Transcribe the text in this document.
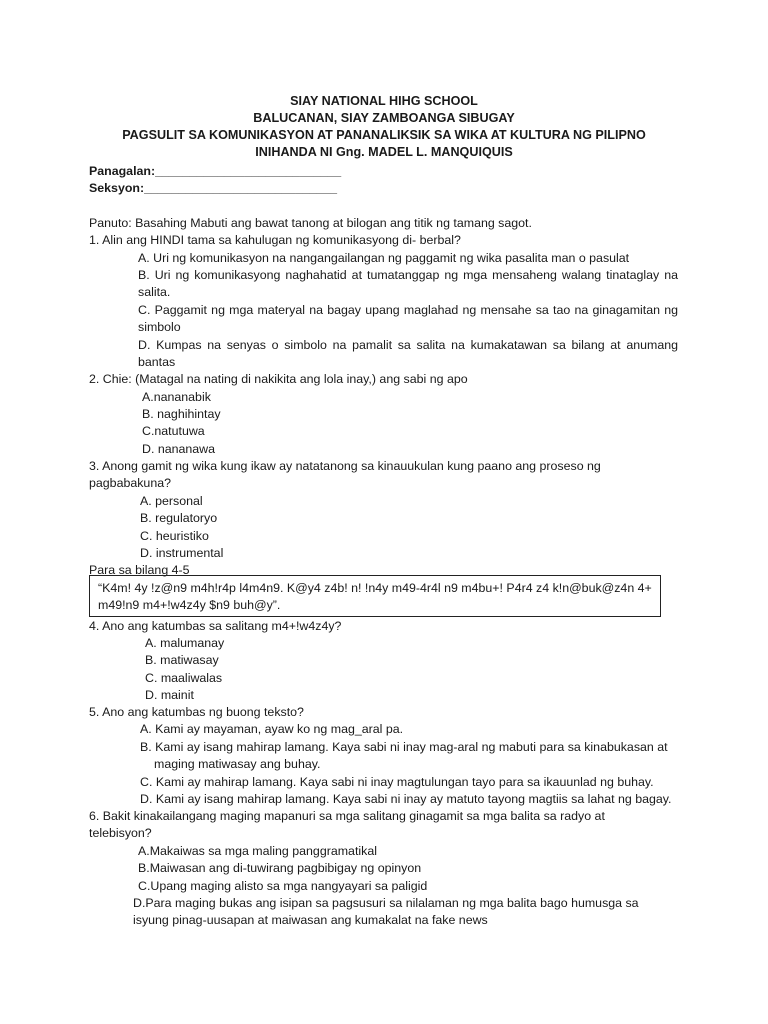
SIAY NATIONAL HIHG SCHOOL
BALUCANAN, SIAY ZAMBOANGA SIBUGAY
PAGSULIT SA KOMUNIKASYON AT PANANALIKSIK SA WIKA AT KULTURA NG PILIPNO
INIHANDA NI Gng. MADEL L. MANQUIQUIS
Panagalan:___________________________
Seksyon:____________________________
Panuto: Basahing Mabuti ang bawat tanong at bilogan ang titik ng tamang sagot.
1. Alin ang HINDI tama sa kahulugan ng komunikasyong di- berbal?
A. Uri ng komunikasyon na nangangailangan ng paggamit ng wika pasalita man o pasulat
B. Uri ng komunikasyong naghahatid at tumatanggap ng mga mensaheng walang tinataglay na
salita.
C. Paggamit ng mga materyal na bagay upang maglahad ng mensahe sa tao na ginagamitan ng
simbolo
D. Kumpas na senyas o simbolo na pamalit sa salita na kumakatawan sa bilang at anumang
bantas
2. Chie: (Matagal na nating di nakikita ang lola inay,) ang sabi ng apo
A.nananabik
B. naghihintay
C.natutuwa
D. nananawa
3. Anong gamit ng wika kung ikaw ay natatanong sa kinauukulan kung paano ang proseso ng
pagbabakuna?
A. personal
B. regulatoryo
C. heuristiko
D. instrumental
Para sa bilang 4-5
“K4m! 4y !z@n9 m4h!r4p l4m4n9. K@y4 z4b! n! !n4y m49-4r4l n9 m4bu+! P4r4 z4 k!n@buk@z4n 4+
m49!n9 m4+!w4z4y $n9 buh@y”.
4. Ano ang katumbas sa salitang m4+!w4z4y?
A. malumanay
B. matiwasay
C. maaliwalas
D. mainit
5. Ano ang katumbas ng buong teksto?
A. Kami ay mayaman, ayaw ko ng mag_aral pa.
B. Kami ay isang mahirap lamang. Kaya sabi ni inay mag-aral ng mabuti para sa kinabukasan at
maging matiwasay ang buhay.
C. Kami ay mahirap lamang. Kaya sabi ni inay magtulungan tayo para sa ikauunlad ng buhay.
D. Kami ay isang mahirap lamang. Kaya sabi ni inay ay matuto tayong magtiis sa lahat ng bagay.
6. Bakit kinakailangang maging mapanuri sa mga salitang ginagamit sa mga balita sa radyo at
telebisyon?
A.Makaiwas sa mga maling panggramatikal
B.Maiwasan ang di-tuwirang pagbibigay ng opinyon
C.Upang maging alisto sa mga nangyayari sa paligid
D.Para maging bukas ang isipan sa pagsusuri sa nilalaman ng mga balita bago humusga sa
isyung pinag-uusapan at maiwasan ang kumakalat na fake news
